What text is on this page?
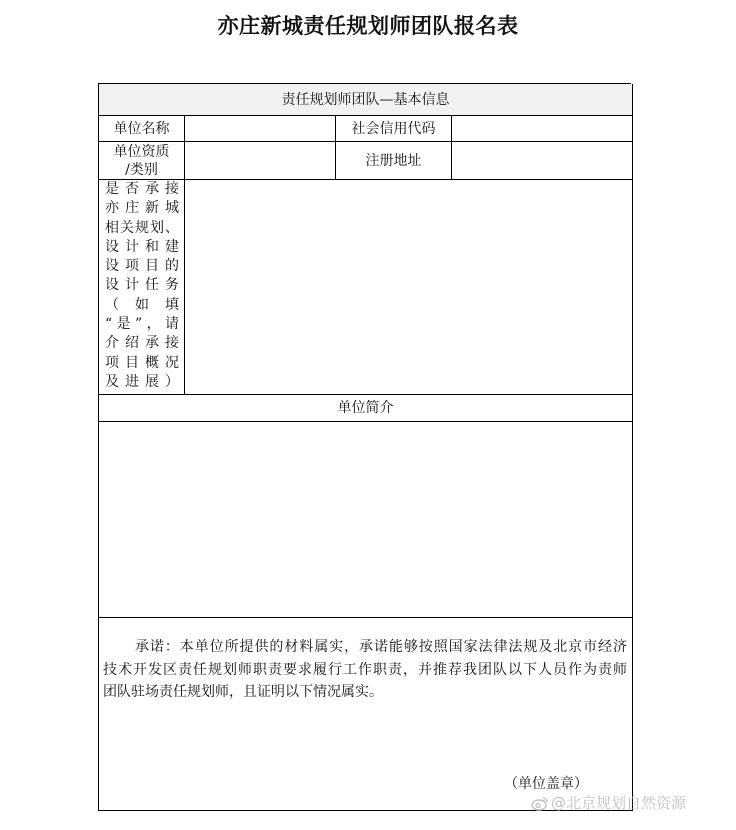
亦庄新城责任规划师团队报名表
责任规划师团队—基本信息
单位名称	社会信用代码
单位资质
/类别
注册地址
是否承接
亦庄新城
相关规划、
设计和建
设项目的
设计任务
（　如　填
“是”，请
介绍承接
项目概况
及进展）
单位简介
承诺：本单位所提供的材料属实，承诺能够按照国家法律法规及北京市经济
技术开发区责任规划师职责要求履行工作职责，并推荐我团队以下人员作为责师
团队驻场责任规划师，且证明以下情况属实。
（单位盖章）
@北京规划自然资源
